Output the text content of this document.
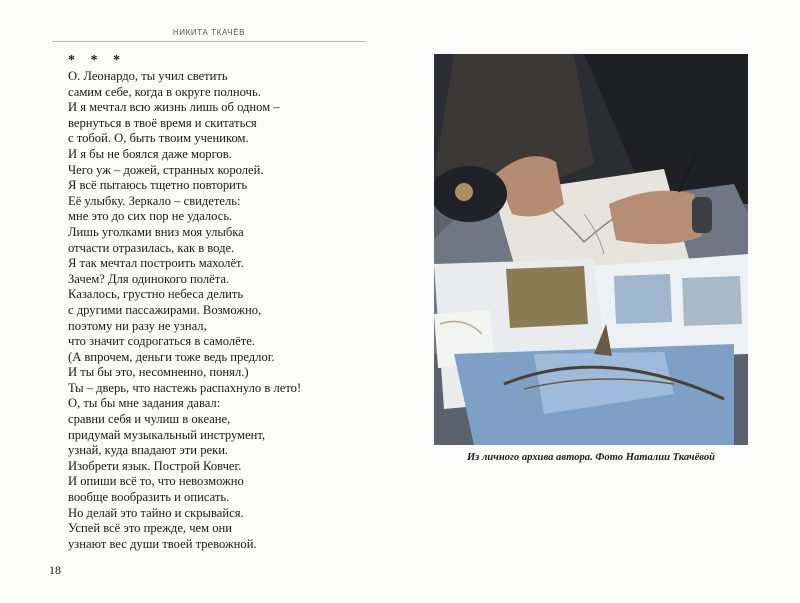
НИКИТА ТКАЧЁВ
* * *
О. Леонардо, ты учил светить
самим себе, когда в округе полночь.
И я мечтал всю жизнь лишь об одном –
вернуться в твоё время и скитаться
с тобой. О, быть твоим учеником.
И я бы не боялся даже моргов.
Чего уж – дожей, странных королей.
Я всё пытаюсь тщетно повторить
Её улыбку. Зеркало – свидетель:
мне это до сих пор не удалось.
Лишь уголками вниз моя улыбка
отчасти отразилась, как в воде.
Я так мечтал построить махолёт.
Зачем? Для одинокого полёта.
Казалось, грустно небеса делить
с другими пассажирами. Возможно,
поэтому ни разу не узнал,
что значит содрогаться в самолёте.
(А впрочем, деньги тоже ведь предлог.
И ты бы это, несомненно, понял.)
Ты – дверь, что настежь распахнуло в лето!
О, ты бы мне задания давал:
сравни себя и чулиш в океане,
придумай музыкальный инструмент,
узнай, куда впадают эти реки.
Изобрети язык. Построй Ковчег.
И опиши всё то, что невозможно
вообще вообразить и описать.
Но делай это тайно и скрывайся.
Успей всё это прежде, чем они
узнают вес души твоей тревожной.
18
Из личного архива автора. Фото Наталии Ткачёвой
